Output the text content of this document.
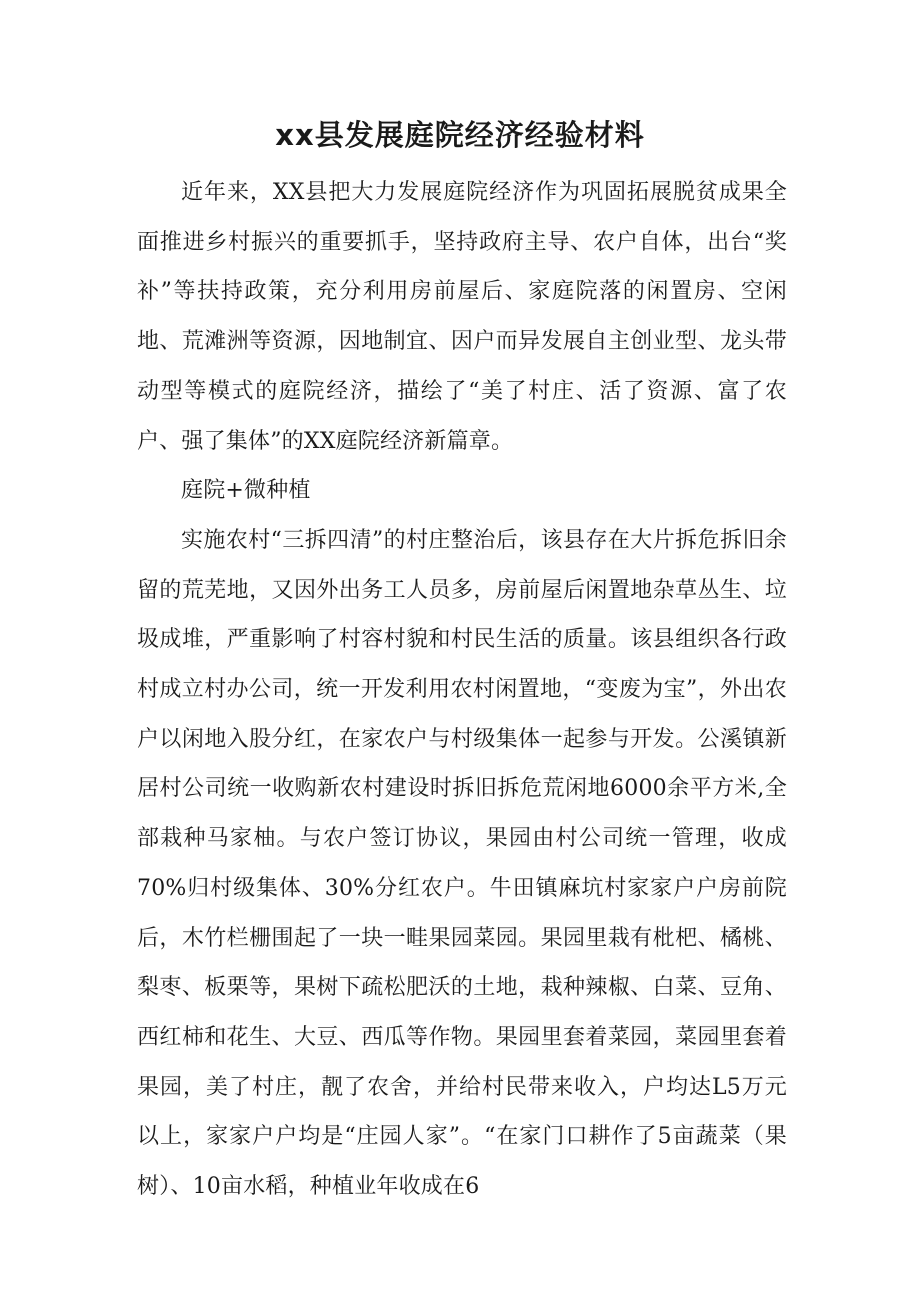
xx县发展庭院经济经验材料

近年来，XX县把大力发展庭院经济作为巩固拓展脱贫成果全面推进乡村振兴的重要抓手，坚持政府主导、农户自体，出台“奖补”等扶持政策，充分利用房前屋后、家庭院落的闲置房、空闲地、荒滩洲等资源，因地制宜、因户而异发展自主创业型、龙头带动型等模式的庭院经济，描绘了“美了村庄、活了资源、富了农户、强了集体”的XX庭院经济新篇章。

庭院+微种植

实施农村“三拆四清”的村庄整治后，该县存在大片拆危拆旧余留的荒芜地，又因外出务工人员多，房前屋后闲置地杂草丛生、垃圾成堆，严重影响了村容村貌和村民生活的质量。该县组织各行政村成立村办公司，统一开发利用农村闲置地，“变废为宝”，外出农户以闲地入股分红，在家农户与村级集体一起参与开发。公溪镇新居村公司统一收购新农村建设时拆旧拆危荒闲地6000余平方米,全部栽种马家柚。与农户签订协议，果园由村公司统一管理，收成70%归村级集体、30%分红农户。牛田镇麻坑村家家户户房前院后，木竹栏栅围起了一块一畦果园菜园。果园里栽有枇杷、橘桃、梨枣、板栗等，果树下疏松肥沃的土地，栽种辣椒、白菜、豆角、西红柿和花生、大豆、西瓜等作物。果园里套着菜园，菜园里套着果园，美了村庄，靓了农舍，并给村民带来收入，户均达L5万元以上，家家户户均是“庄园人家”。“在家门口耕作了5亩蔬菜（果树）、10亩水稻，种植业年收成在6
